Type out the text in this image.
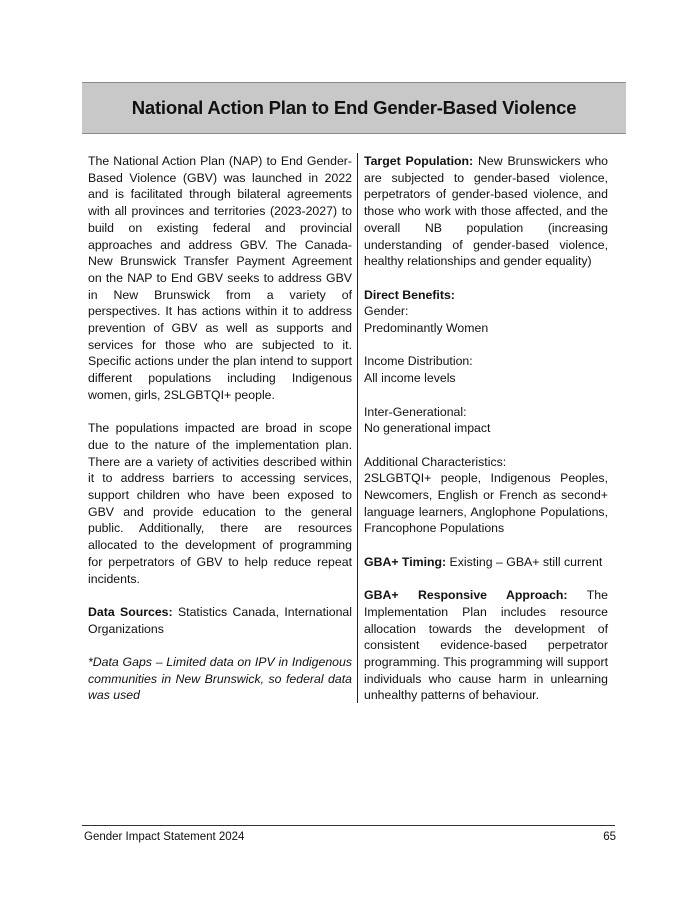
National Action Plan to End Gender-Based Violence

The National Action Plan (NAP) to End Gender-Based Violence (GBV) was launched in 2022 and is facilitated through bilateral agreements with all provinces and territories (2023-2027) to build on existing federal and provincial approaches and address GBV. The Canada-New Brunswick Transfer Payment Agreement on the NAP to End GBV seeks to address GBV in New Brunswick from a variety of perspectives. It has actions within it to address prevention of GBV as well as supports and services for those who are subjected to it. Specific actions under the plan intend to support different populations including Indigenous women, girls, 2SLGBTQI+ people.

The populations impacted are broad in scope due to the nature of the implementation plan. There are a variety of activities described within it to address barriers to accessing services, support children who have been exposed to GBV and provide education to the general public. Additionally, there are resources allocated to the development of programming for perpetrators of GBV to help reduce repeat incidents.

Data Sources: Statistics Canada, International Organizations

*Data Gaps – Limited data on IPV in Indigenous communities in New Brunswick, so federal data was used

Target Population: New Brunswickers who are subjected to gender-based violence, perpetrators of gender-based violence, and those who work with those affected, and the overall NB population (increasing understanding of gender-based violence, healthy relationships and gender equality)

Direct Benefits:
Gender:

Predominantly Women

Income Distribution:

All income levels

Inter-Generational:

No generational impact

Additional Characteristics:

2SLGBTQI+ people, Indigenous Peoples, Newcomers, English or French as second+ language learners, Anglophone Populations, Francophone Populations

GBA+ Timing: Existing – GBA+ still current

GBA+ Responsive Approach: The Implementation Plan includes resource allocation towards the development of consistent evidence-based perpetrator programming. This programming will support individuals who cause harm in unlearning unhealthy patterns of behaviour.

Gender Impact Statement 2024	65
